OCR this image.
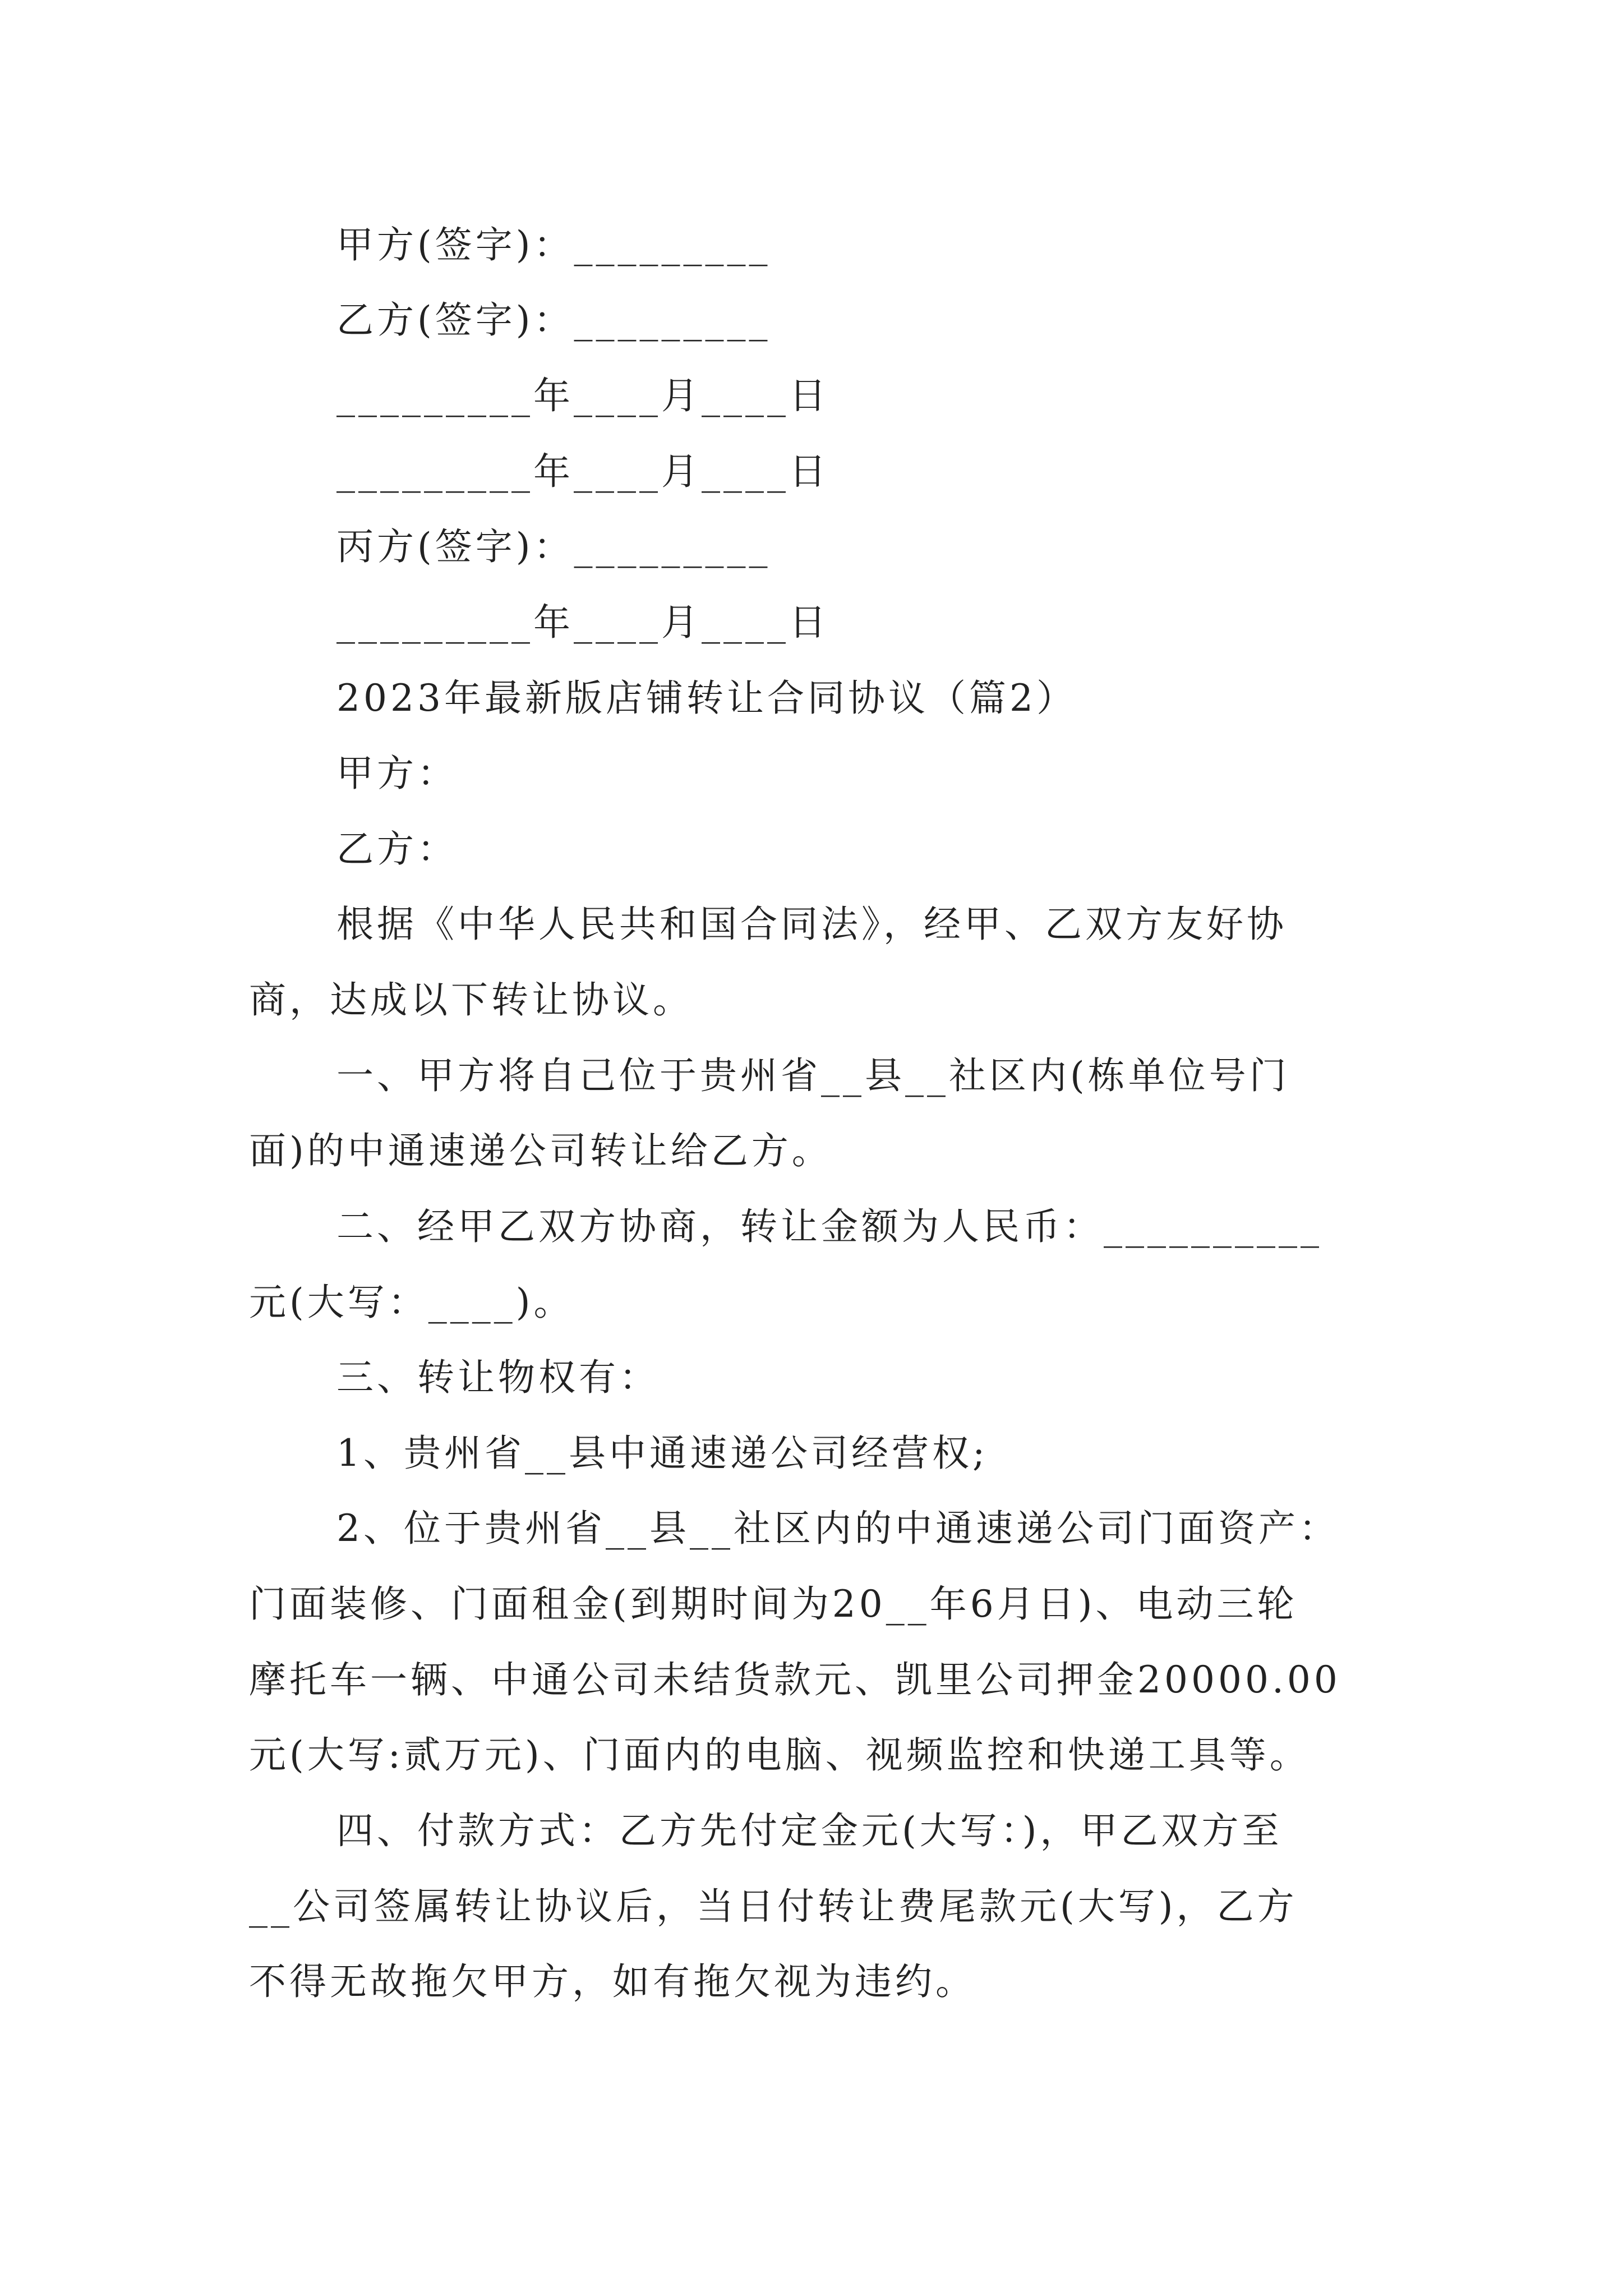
甲方(签字)：_________
乙方(签字)：_________
_________年____月____日
_________年____月____日
丙方(签字)：_________
_________年____月____日
2023年最新版店铺转让合同协议（篇2）
甲方：
乙方：
根据《中华人民共和国合同法》，经甲、乙双方友好协
商，达成以下转让协议。
一、甲方将自己位于贵州省__县__社区内(栋单位号门
面)的中通速递公司转让给乙方。
二、经甲乙双方协商，转让金额为人民币：__________
元(大写：____)。
三、转让物权有：
1、贵州省__县中通速递公司经营权;
2、位于贵州省__县__社区内的中通速递公司门面资产：
门面装修、门面租金(到期时间为20__年6月日)、电动三轮
摩托车一辆、中通公司未结货款元、凯里公司押金20000.00
元(大写:贰万元)、门面内的电脑、视频监控和快递工具等。
四、付款方式：乙方先付定金元(大写：)，甲乙双方至
__公司签属转让协议后，当日付转让费尾款元(大写)，乙方
不得无故拖欠甲方，如有拖欠视为违约。
